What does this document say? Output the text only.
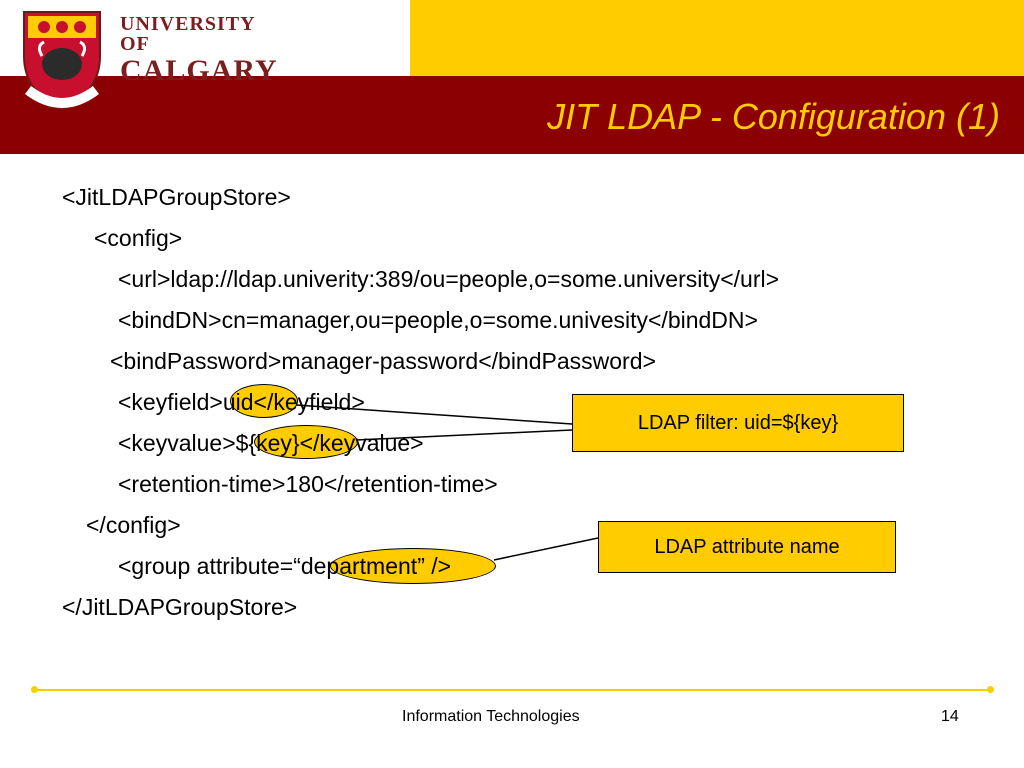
UNIVERSITY OF
CALGARY
JIT LDAP - Configuration (1)
<JitLDAPGroupStore>
<config>
<url>ldap://ldap.univerity:389/ou=people,o=some.university</url>
<bindDN>cn=manager,ou=people,o=some.univesity</bindDN>
<bindPassword>manager-password</bindPassword>
<keyfield>uid</keyfield>
<keyvalue>${key}</keyvalue>
<retention-time>180</retention-time>
</config>
<group attribute=“department” />
</JitLDAPGroupStore>
LDAP filter: uid=${key}
LDAP attribute name
Information Technologies	14
